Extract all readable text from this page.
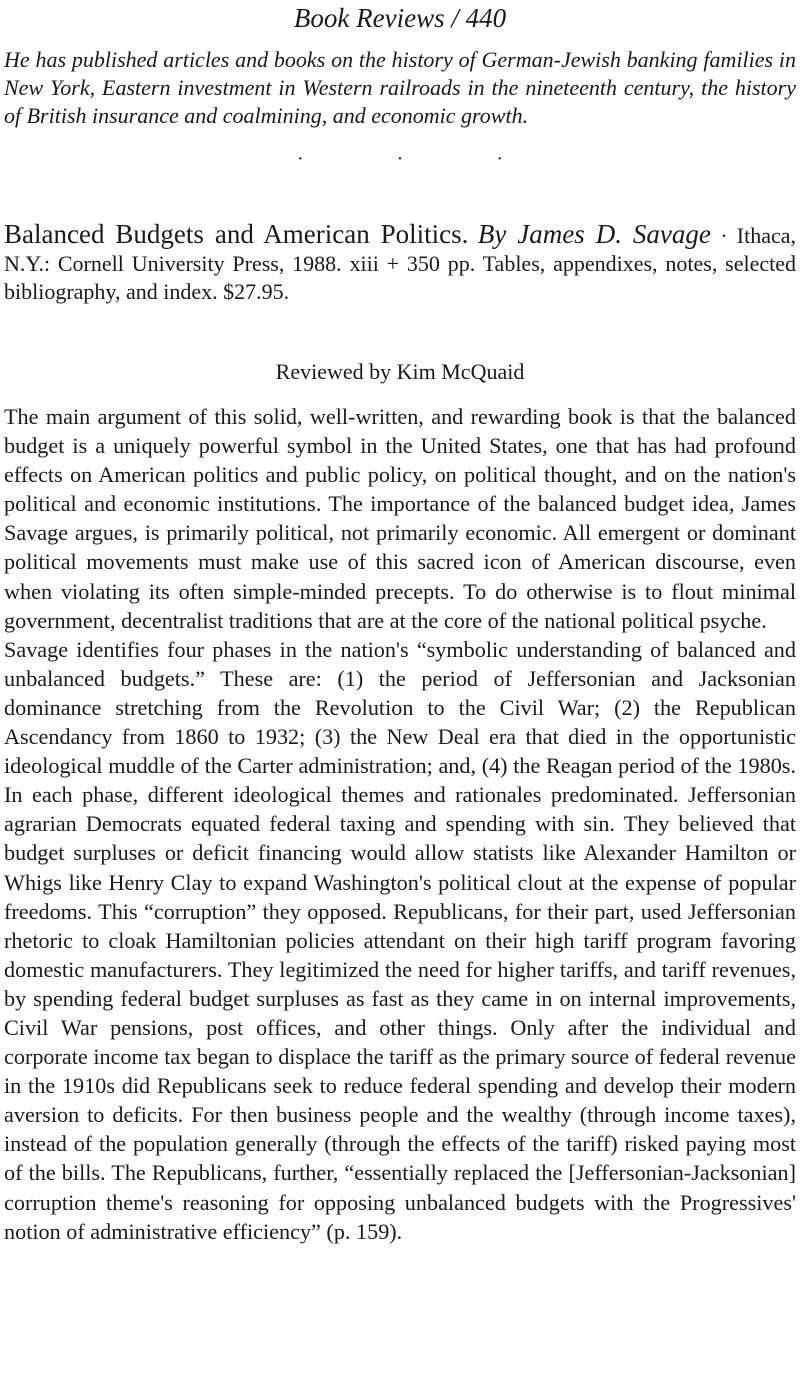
Book Reviews / 440
He has published articles and books on the history of German-Jewish banking families in New York, Eastern investment in Western railroads in the nineteenth century, the history of British insurance and coalmining, and economic growth.
· · ·
Balanced Budgets and American Politics. By James D. Savage · Ithaca, N.Y.: Cornell University Press, 1988. xiii + 350 pp. Tables, appendixes, notes, selected bibliography, and index. $27.95.
Reviewed by Kim McQuaid

The main argument of this solid, well-written, and rewarding book is that the balanced budget is a uniquely powerful symbol in the United States, one that has had profound effects on American politics and public policy, on political thought, and on the nation's political and economic institutions. The importance of the balanced budget idea, James Savage argues, is primarily political, not primarily economic. All emergent or dominant political movements must make use of this sacred icon of American discourse, even when violating its often simple-minded precepts. To do otherwise is to flout minimal government, decentralist traditions that are at the core of the national political psyche.

Savage identifies four phases in the nation's “symbolic understanding of balanced and unbalanced budgets.” These are: (1) the period of Jeffersonian and Jacksonian dominance stretching from the Revolution to the Civil War; (2) the Republican Ascendancy from 1860 to 1932; (3) the New Deal era that died in the opportunistic ideological muddle of the Carter administration; and, (4) the Reagan period of the 1980s. In each phase, different ideological themes and rationales predominated. Jeffersonian agrarian Democrats equated federal taxing and spending with sin. They believed that budget surpluses or deficit financing would allow statists like Alexander Hamilton or Whigs like Henry Clay to expand Washington's political clout at the expense of popular freedoms. This “corruption” they opposed. Republicans, for their part, used Jeffersonian rhetoric to cloak Hamiltonian policies attendant on their high tariff program favoring domestic manufacturers. They legitimized the need for higher tariffs, and tariff revenues, by spending federal budget surpluses as fast as they came in on internal improvements, Civil War pensions, post offices, and other things. Only after the individual and corporate income tax began to displace the tariff as the primary source of federal revenue in the 1910s did Republicans seek to reduce federal spending and develop their modern aversion to deficits. For then business people and the wealthy (through income taxes), instead of the population generally (through the effects of the tariff) risked paying most of the bills. The Republicans, further, “essentially replaced the [Jeffersonian-Jacksonian] corruption theme's reasoning for opposing unbalanced budgets with the Progressives' notion of administrative efficiency” (p. 159).
